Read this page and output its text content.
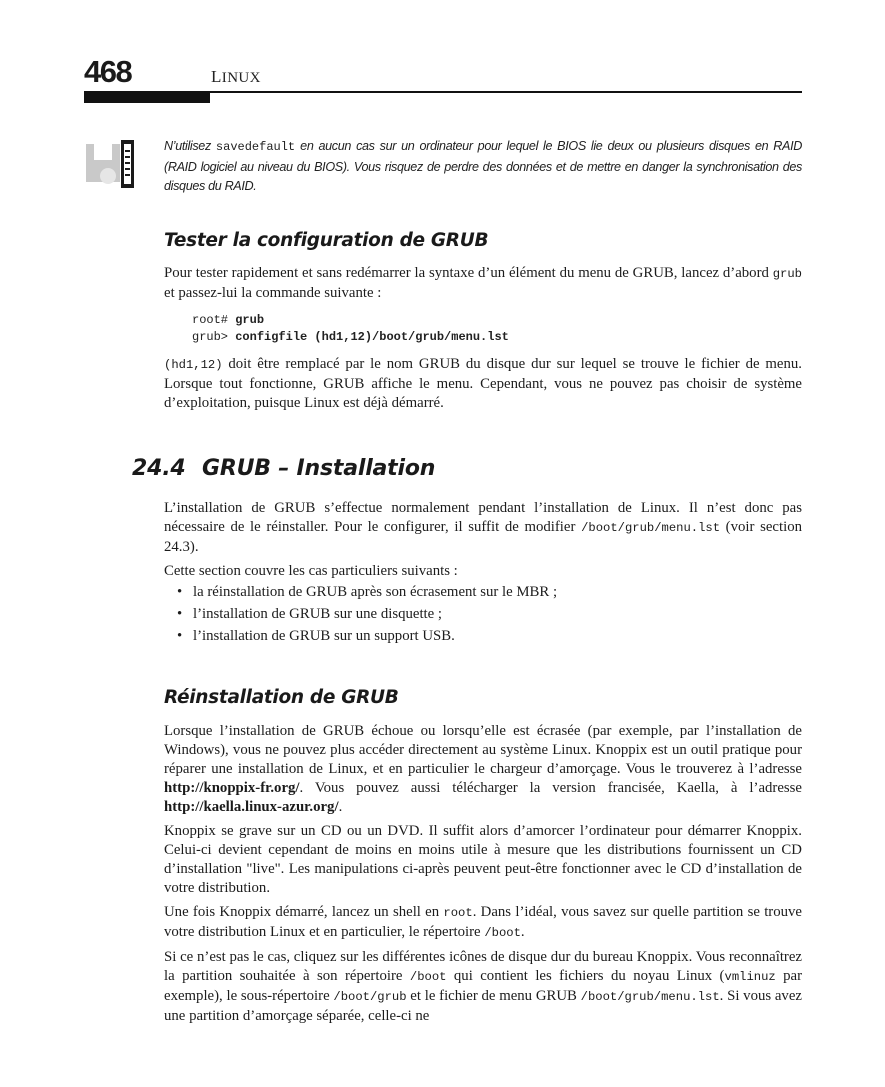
468	LINUX
N’utilisez savedefault en aucun cas sur un ordinateur pour lequel le BIOS lie deux ou plusieurs disques en RAID (RAID logiciel au niveau du BIOS). Vous risquez de perdre des données et de mettre en danger la synchronisation des disques du RAID.
Tester la configuration de GRUB

Pour tester rapidement et sans redémarrer la syntaxe d’un élément du menu de GRUB, lancez d’abord grub et passez-lui la commande suivante :

root# grub
grub> configfile (hd1,12)/boot/grub/menu.lst

(hd1,12) doit être remplacé par le nom GRUB du disque dur sur lequel se trouve le fichier de menu. Lorsque tout fonctionne, GRUB affiche le menu. Cependant, vous ne pouvez pas choisir de système d’exploitation, puisque Linux est déjà démarré.

24.4 GRUB – Installation

L’installation de GRUB s’effectue normalement pendant l’installation de Linux. Il n’est donc pas nécessaire de le réinstaller. Pour le configurer, il suffit de modifier /boot/grub/menu.lst (voir section 24.3).

Cette section couvre les cas particuliers suivants :

• la réinstallation de GRUB après son écrasement sur le MBR ;
• l’installation de GRUB sur une disquette ;
• l’installation de GRUB sur un support USB.
Réinstallation de GRUB

Lorsque l’installation de GRUB échoue ou lorsqu’elle est écrasée (par exemple, par l’installation de Windows), vous ne pouvez plus accéder directement au système Linux. Knoppix est un outil pratique pour réparer une installation de Linux, et en particulier le chargeur d’amorçage. Vous le trouverez à l’adresse http://knoppix-fr.org/. Vous pouvez aussi télécharger la version francisée, Kaella, à l’adresse http://kaella.linux-azur.org/.

Knoppix se grave sur un CD ou un DVD. Il suffit alors d’amorcer l’ordinateur pour démarrer Knoppix. Celui-ci devient cependant de moins en moins utile à mesure que les distributions fournissent un CD d’installation "live". Les manipulations ci-après peuvent peut-être fonctionner avec le CD d’installation de votre distribution.

Une fois Knoppix démarré, lancez un shell en root. Dans l’idéal, vous savez sur quelle partition se trouve votre distribution Linux et en particulier, le répertoire /boot.

Si ce n’est pas le cas, cliquez sur les différentes icônes de disque dur du bureau Knoppix. Vous reconnaîtrez la partition souhaitée à son répertoire /boot qui contient les fichiers du noyau Linux (vmlinuz par exemple), le sous-répertoire /boot/grub et le fichier de menu GRUB /boot/grub/menu.lst. Si vous avez une partition d’amorçage séparée, celle-ci ne
